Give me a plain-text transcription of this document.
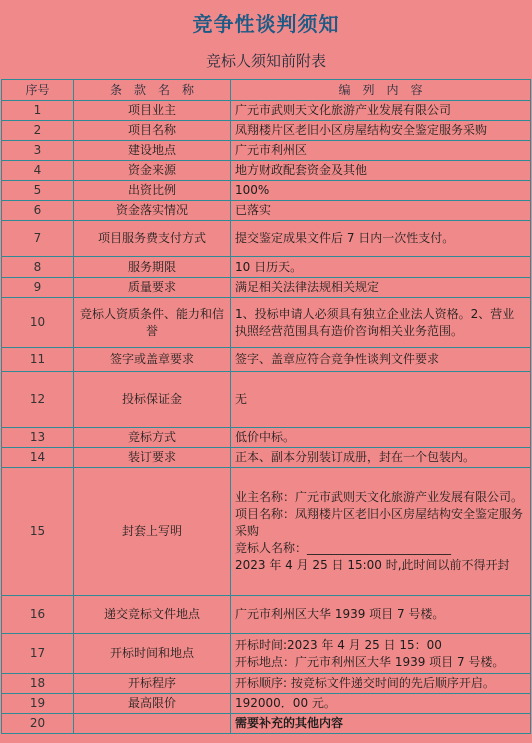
竞争性谈判须知
竞标人须知前附表
序号	条　款　名　称	编　列　内　容
1	项目业主	广元市武则天文化旅游产业发展有限公司
2	项目名称	凤翔楼片区老旧小区房屋结构安全鉴定服务采购
3	建设地点	广元市利州区
4	资金来源	地方财政配套资金及其他
5	出资比例	100%
6	资金落实情况	已落实
7	项目服务费支付方式	提交鉴定成果文件后 7 日内一次性支付。
8	服务期限	10 日历天。
9	质量要求	满足相关法律法规相关规定
10	竞标人资质条件、能力和信誉	1、投标申请人必须具有独立企业法人资格。2、营业执照经营范围具有造价咨询相关业务范围。
11	签字或盖章要求	签字、盖章应符合竞争性谈判文件要求
12	投标保证金	无
13	竞标方式	低价中标。
14	装订要求	正本、副本分别装订成册，封在一个包装内。
15	封套上写明	业主名称：广元市武则天文化旅游产业发展有限公司。
项目名称：凤翔楼片区老旧小区房屋结构安全鉴定服务采购
竞标人名称：________________________
2023 年 4 月 25 日 15:00 时,此时间以前不得开封

16	递交竞标文件地点	广元市利州区大华 1939 项目 7 号楼。
17	开标时间和地点	开标时间:2023 年 4 月 25 日 15：00
开标地点：广元市利州区大华 1939 项目 7 号楼。

18	开标程序	开标顺序: 按竞标文件递交时间的先后顺序开启。
19	最高限价	192000．00 元。
20		需要补充的其他内容
